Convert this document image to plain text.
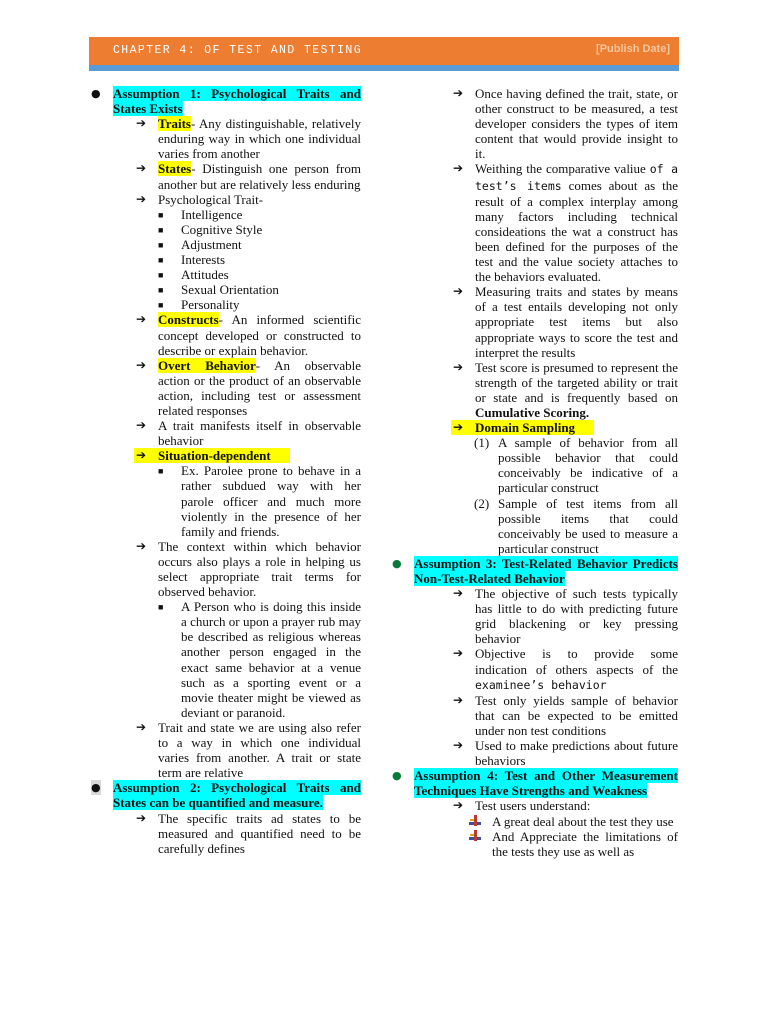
CHAPTER 4: OF TEST AND TESTING	[Publish Date]
● Assumption 1: Psychological Traits and States Exists
➔ Traits- Any distinguishable, relatively enduring way in which one individual varies from another
➔ States- Distinguish one person from another but are relatively less enduring
➔ Psychological Trait-
■ Intelligence
■ Cognitive Style
■ Adjustment
■ Interests
■ Attitudes
■ Sexual Orientation
■ Personality
➔ Constructs- An informed scientific concept developed or constructed to describe or explain behavior.
➔ Overt Behavior- An observable action or the product of an observable action, including test or assessment related responses
➔ A trait manifests itself in observable behavior
➔ Situation-dependent
■ Ex. Parolee prone to behave in a rather subdued way with her parole officer and much more violently in the presence of her family and friends.
➔ The context within which behavior occurs also plays a role in helping us select appropriate trait terms for observed behavior.
■ A Person who is doing this inside a church or upon a prayer rub may be described as religious whereas another person engaged in the exact same behavior at a venue such as a sporting event or a movie theater might be viewed as deviant or paranoid.
➔ Trait and state we are using also refer to a way in which one individual varies from another. A trait or state term are relative
● Assumption 2: Psychological Traits and States can be quantified and measure.
➔ The specific traits ad states to be measured and quantified need to be carefully defines
➔ Once having defined the trait, state, or other construct to be measured, a test developer considers the types of item content that would provide insight to it.
➔ Weithing the comparative valiue of a test’s items comes about as the result of a complex interplay among many factors including technical consideations the wat a construct has been defined for the purposes of the test and the value society attaches to the behaviors evaluated.
➔ Measuring traits and states by means of a test entails developing not only appropriate test items but also appropriate ways to score the test and interpret the results
➔ Test score is presumed to represent the strength of the targeted ability or trait or state and is frequently based on Cumulative Scoring.
➔ Domain Sampling
(1) A sample of behavior from all possible behavior that could conceivably be indicative of a particular construct
(2) Sample of test items from all possible items that could conceivably be used to measure a particular construct
● Assumption 3: Test-Related Behavior Predicts Non-Test-Related Behavior
➔ The objective of such tests typically has little to do with predicting future grid blackening or key pressing behavior
➔ Objective is to provide some indication of others aspects of the examinee’s behavior
➔ Test only yields sample of behavior that can be expected to be emitted under non test conditions
➔ Used to make predictions about future behaviors
● Assumption 4: Test and Other Measurement Techniques Have Strengths and Weakness
➔ Test users understand:
A great deal about the test they use
And Appreciate the limitations of the tests they use as well as
